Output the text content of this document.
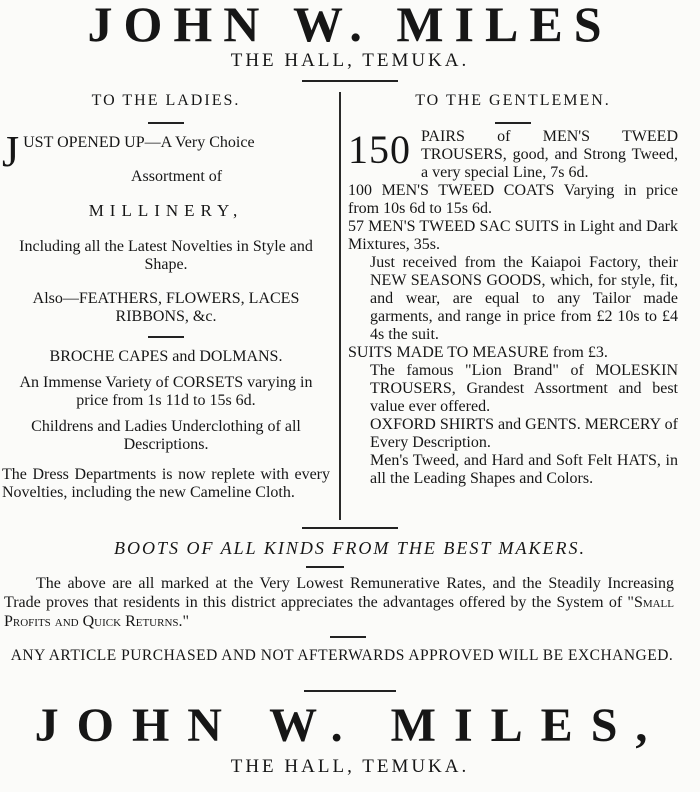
JOHN W. MILES
THE HALL, TEMUKA.

TO THE LADIES.

J UST OPENED UP—A Very Choice
Assortment of

MILLINERY,

Including all the Latest Novelties in Style and Shape.

Also—FEATHERS, FLOWERS, LACES RIBBONS, &c.

BROCHE CAPES and DOLMANS.

An Immense Variety of CORSETS varying in price from 1s 11d to 15s 6d.

Childrens and Ladies Underclothing of all Descriptions.

The Dress Departments is now replete with every Novelties, including the new Cameline Cloth.

TO THE GENTLEMEN.

150 PAIRS of MEN'S TWEED TROUSERS, good, and Strong Tweed, a very special Line, 7s 6d.

100 MEN'S TWEED COATS Varying in price from 10s 6d to 15s 6d.

57 MEN'S TWEED SAC SUITS in Light and Dark Mixtures, 35s.

Just received from the Kaiapoi Factory, their NEW SEASONS GOODS, which, for style, fit, and wear, are equal to any Tailor made garments, and range in price from £2 10s to £4 4s the suit.

SUITS MADE TO MEASURE from £3.

The famous "Lion Brand" of MOLESKIN TROUSERS, Grandest Assortment and best value ever offered.

OXFORD SHIRTS and GENTS. MERCERY of Every Description.

Men's Tweed, and Hard and Soft Felt HATS, in all the Leading Shapes and Colors.

BOOTS OF ALL KINDS FROM THE BEST MAKERS.
The above are all marked at the Very Lowest Remunerative Rates, and the Steadily Increasing Trade proves that residents in this district appreciates the advantages offered by the System of "Small Profits and Quick Returns."
ANY ARTICLE PURCHASED AND NOT AFTERWARDS APPROVED WILL BE EXCHANGED.
JOHN W. MILES,
THE HALL, TEMUKA.
